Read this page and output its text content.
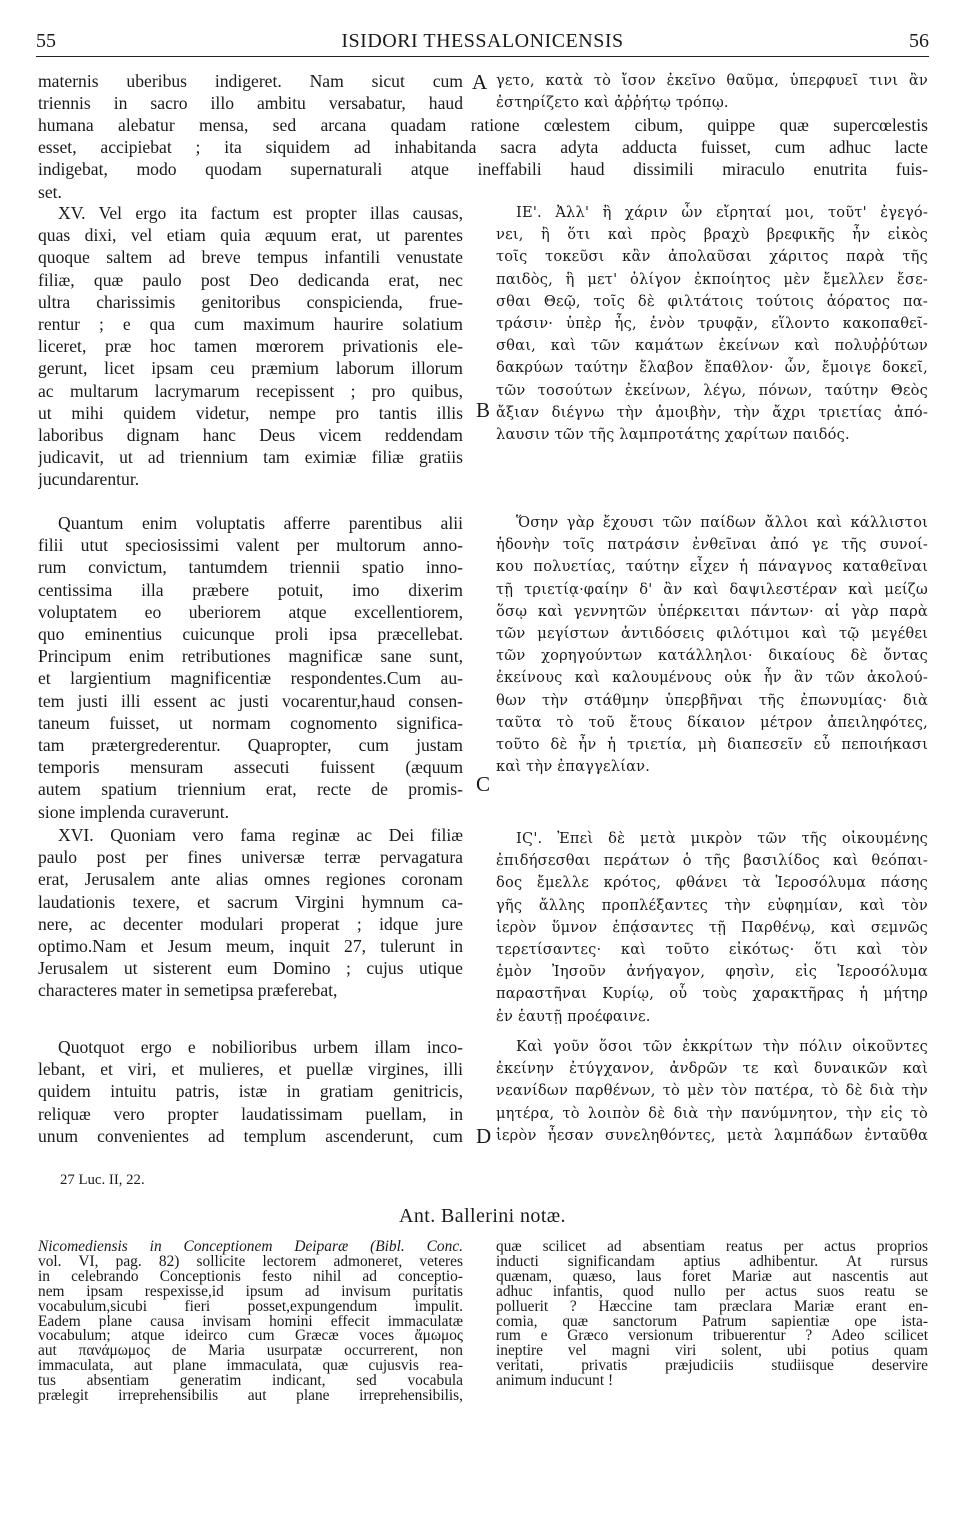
55	ISIDORI THESSALONICENSIS	56
maternis uberibus indigeret. Nam sicut cum
triennis in sacro illo ambitu versabatur, haud
A γετο, κατὰ τὸ ἴσον ἐκεῖνο θαῦμα, ὑπερφυεῖ τινι ἂν
ἐστηρίζετο καὶ ἀῤῥήτῳ τρόπῳ.
humana alebatur mensa, sed arcana quadam ratione cœlestem cibum, quippe quæ supercœlestis
esset, accipiebat ; ita siquidem ad inhabitanda sacra adyta adducta fuisset, cum adhuc lacte
indigebat, modo quodam supernaturali atque ineffabili haud dissimili miraculo enutrita fuis-
set.
XV. Vel ergo ita factum est propter illas causas,
quas dixi, vel etiam quia æquum erat, ut parentes
quoque saltem ad breve tempus infantili venustate
filiæ, quæ paulo post Deo dedicanda erat, nec
ultra charissimis genitoribus conspicienda, frue-
rentur ; e qua cum maximum haurire solatium
liceret, præ hoc tamen mœrorem privationis ele-
gerunt, licet ipsam ceu præmium laborum illorum
ac multarum lacrymarum recepissent ; pro quibus,
ut mihi quidem videtur, nempe pro tantis illis
laboribus dignam hanc Deus vicem reddendam
judicavit, ut ad triennium tam eximiæ filiæ gratiis
jucundarentur.
B
ΙΕ'. Ἀλλ' ἢ χάριν ὧν εἴρηταί μοι, τοῦτ' ἐγεγό-
νει, ἢ ὅτι καὶ πρὸς βραχὺ βρεφικῆς ἦν εἰκὸς
τοῖς τοκεῦσι κἂν ἀπολαῦσαι χάριτος παρὰ τῆς
παιδὸς, ἣ μετ' ὀλίγον ἐκποίητος μὲν ἔμελλεν ἔσε-
σθαι Θεῷ, τοῖς δὲ φιλτάτοις τούτοις ἀόρατος πα-
τράσιν· ὑπὲρ ἧς, ἑνὸν τρυφᾷν, εἵλοντο κακοπαθεῖ-
σθαι, καὶ τῶν καμάτων ἐκείνων καὶ πολυῤῥύτων
δακρύων ταύτην ἔλαβον ἔπαθλον· ὧν, ἔμοιγε δοκεῖ,
τῶν τοσούτων ἐκείνων, λέγω, πόνων, ταύτην Θεὸς
ἄξιαν διέγνω τὴν ἀμοιβὴν, τὴν ἄχρι τριετίας ἀπό-
λαυσιν τῶν τῆς λαμπροτάτης χαρίτων παιδός.
Quantum enim voluptatis afferre parentibus alii
filii utut speciosissimi valent per multorum anno-
rum convictum, tantumdem triennii spatio inno-
centissima illa præbere potuit, imo dixerim
voluptatem eo uberiorem atque excellentiorem,
quo eminentius cuicunque proli ipsa præcellebat.
Principum enim retributiones magnificæ sane sunt,
et largientium magnificentiæ respondentes.Cum au-
tem justi illi essent ac justi vocarentur,haud consen-
taneum fuisset, ut normam cognomento significa-
tam prætergrederentur. Quapropter, cum justam
temporis mensuram assecuti fuissent (æquum
autem spatium triennium erat, recte de promis-
sione implenda curaverunt.
Ὅσην γὰρ ἔχουσι τῶν παίδων ἄλλοι καὶ κάλλιστοι
ἡδονὴν τοῖς πατράσιν ἐνθεῖναι ἀπό γε τῆς συνοί-
κου πολυετίας, ταύτην εἶχεν ἡ πάναγνος καταθεῖναι
τῇ τριετίᾳ·φαίην δ' ἂν καὶ δαψιλεστέραν καὶ μείζω
ὅσῳ καὶ γεννητῶν ὑπέρκειται πάντων· αἱ γὰρ παρὰ
τῶν μεγίστων ἀντιδόσεις φιλότιμοι καὶ τῷ μεγέθει
τῶν χορηγούντων κατάλληλοι· δικαίους δὲ ὄντας
ἐκείνους καὶ καλουμένους οὐκ ἦν ἂν τῶν ἀκολού-
θων τὴν στάθμην ὑπερβῆναι τῆς ἐπωνυμίας· διὰ
ταῦτα τὸ τοῦ ἔτους δίκαιον μέτρον ἀπειληφότες,
τοῦτο δὲ ἦν ἡ τριετία, μὴ διαπεσεῖν εὖ πεποιήκασι
καὶ τὴν ἐπαγγελίαν.
C
XVI. Quoniam vero fama reginæ ac Dei filiæ
paulo post per fines universæ terræ pervagatura
erat, Jerusalem ante alias omnes regiones coronam
laudationis texere, et sacrum Virgini hymnum ca-
nere, ac decenter modulari properat ; idque jure
optimo.Nam et Jesum meum, inquit 27, tulerunt in
Jerusalem ut sisterent eum Domino ; cujus utique
characteres mater in semetipsa præferebat,
ΙϚ'. Ἐπεὶ δὲ μετὰ μικρὸν τῶν τῆς οἰκουμένης
ἐπιδήσεσθαι περάτων ὁ τῆς βασιλίδος καὶ θεόπαι-
δος ἔμελλε κρότος, φθάνει τὰ Ἱεροσόλυμα πάσης
γῆς ἄλλης προπλέξαντες τὴν εὐφημίαν, καὶ τὸν
ἱερὸν ὕμνον ἐπᾴσαντες τῇ Παρθένῳ, καὶ σεμνῶς
τερετίσαντες· καὶ τοῦτο εἰκότως· ὅτι καὶ τὸν
ἐμὸν Ἰησοῦν ἀνήγαγον, φησὶν, εἰς Ἱεροσόλυμα
παραστῆναι Κυρίῳ, οὗ τοὺς χαρακτῆρας ἡ μήτηρ
ἐν ἑαυτῇ προέφαινε.
Quotquot ergo e nobilioribus urbem illam inco-
lebant, et viri, et mulieres, et puellæ virgines, illi
quidem intuitu patris, istæ in gratiam genitricis,
reliquæ vero propter laudatissimam puellam, in
unum convenientes ad templum ascenderunt, cum D
Καὶ γοῦν ὅσοι τῶν ἐκκρίτων τὴν πόλιν οἰκοῦντες
ἐκείνην ἐτύγχανον, ἀνδρῶν τε καὶ δυναικῶν καὶ
νεανίδων παρθένων, τὸ μὲν τὸν πατέρα, τὸ δὲ διὰ τὴν
μητέρα, τὸ λοιπὸν δὲ διὰ τὴν πανύμνητον, τὴν εἰς τὸ
ἱερὸν ἦεσαν συνεληθόντες, μετὰ λαμπάδων ἐνταῦθα
27 Luc. II, 22.
Ant. Ballerini notæ.
Nicomediensis in Conceptionem Deiparæ (Bibl. Conc.
vol. VI, pag. 82) sollicite lectorem admoneret, veteres
in celebrando Conceptionis festo nihil ad conceptio-
nem ipsam respexisse,id ipsum ad invisum puritatis
vocabulum,sicubi fieri posset,expungendum impulit.
Eadem plane causa invisam homini effecit immaculatæ
vocabulum; atque ideirco cum Græcæ voces ἄμωμος
aut πανάμωμος de Maria usurpatæ occurrerent, non
immaculata, aut plane immaculata, quæ cujusvis rea-
tus absentiam generatim indicant, sed vocabula
prælegit irreprehensibilis aut plane irreprehensibilis,
quæ scilicet ad absentiam reatus per actus proprios
inducti significandam aptius adhibentur. At rursus
quænam, quæso, laus foret Mariæ aut nascentis aut
adhuc infantis, quod nullo per actus suos reatu se
polluerit ? Hæccine tam præclara Mariæ erant en-
comia, quæ sanctorum Patrum sapientiæ ope ista-
rum e Græco versionum tribuerentur ? Adeo scilicet
ineptire vel magni viri solent, ubi potius quam
veritati, privatis præjudiciis studiisque deservire
animum inducunt !
